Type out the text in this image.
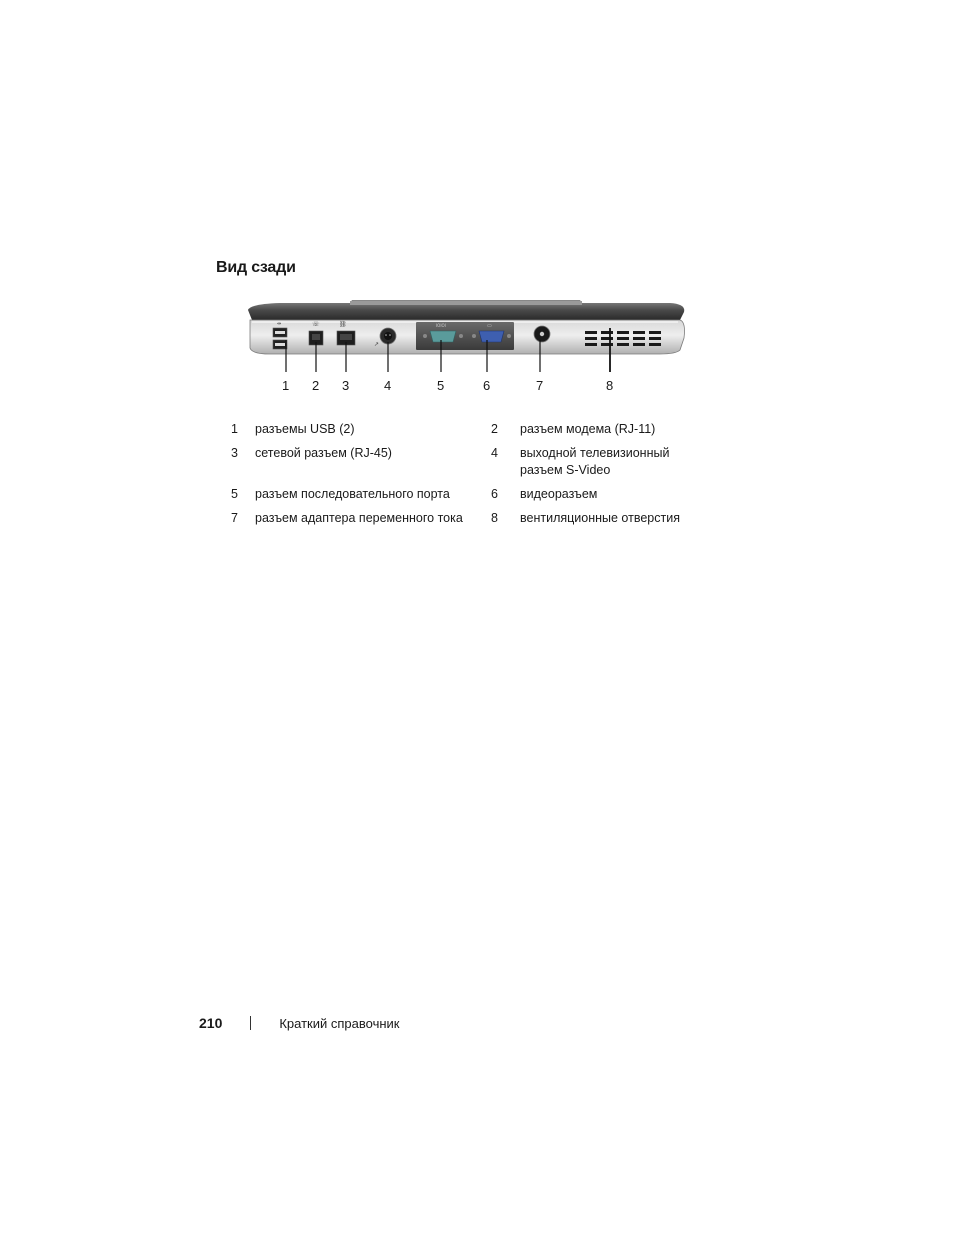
Вид сзади
⇹	☏	⛓
↗
IOIOI	▭
1 2 3	4	5	6	7	8
1	разъемы USB (2)	2	разъем модема (RJ-11)
3	сетевой разъем (RJ-45)	4	выходной телевизионный разъем S-Video
5	разъем последовательного порта	6	видеоразъем
7	разъем адаптера переменного тока	8	вентиляционные отверстия
210	Краткий справочник
